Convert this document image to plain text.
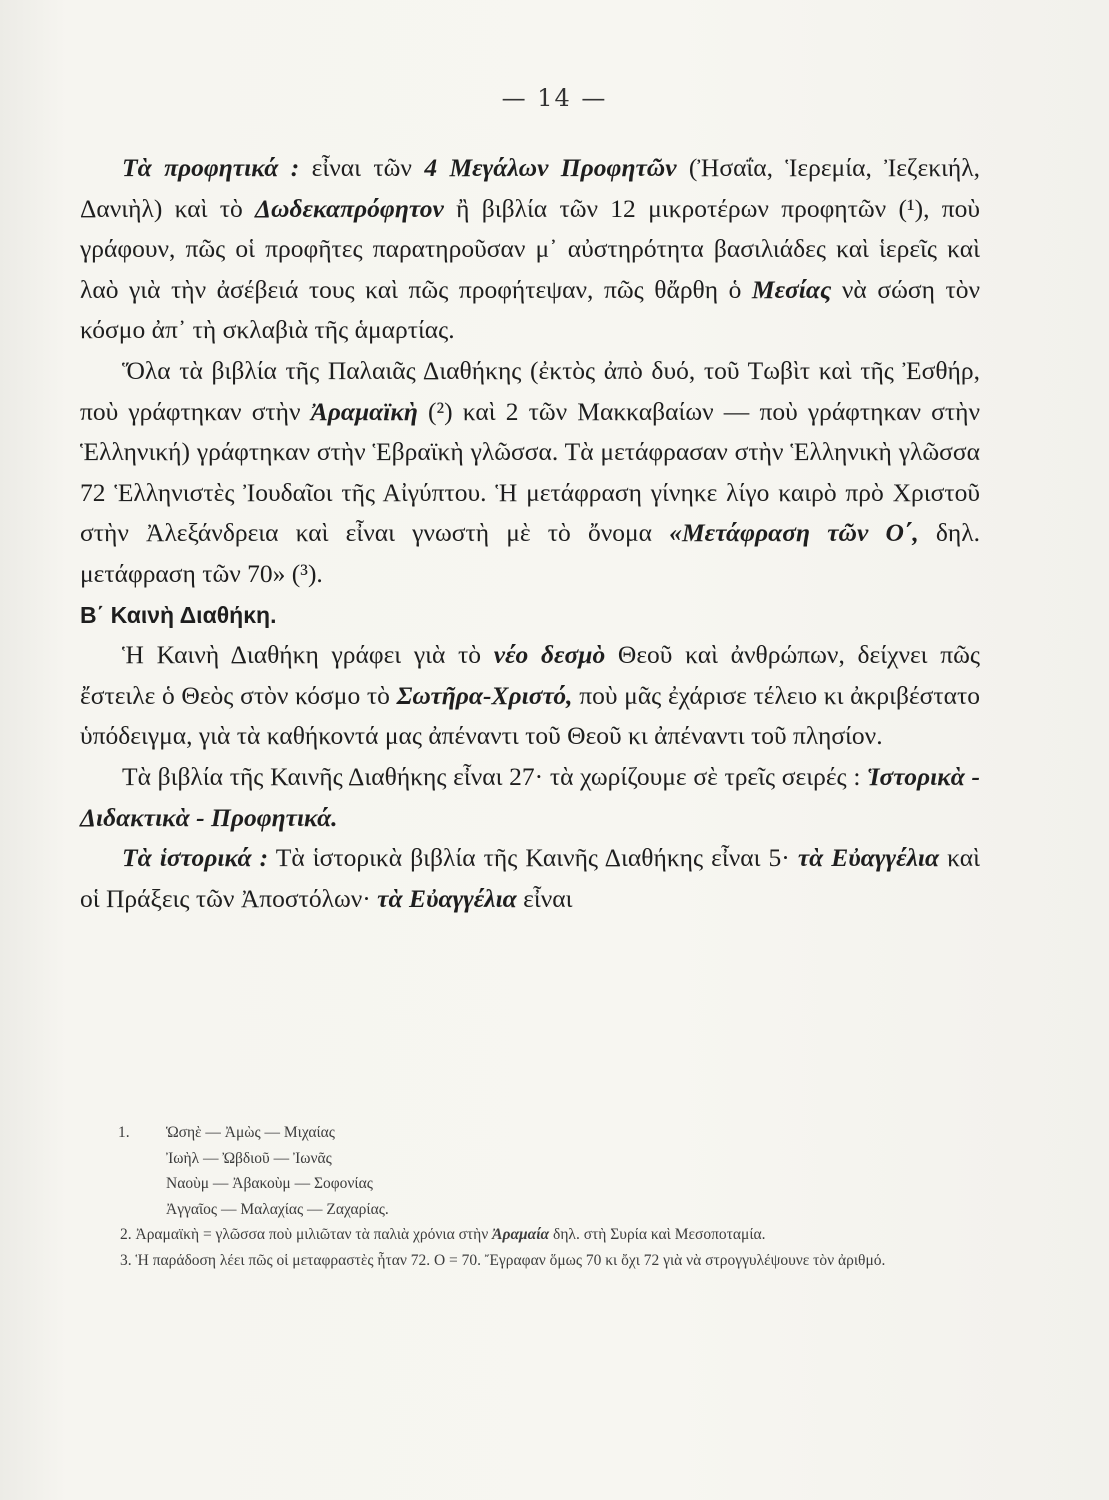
— 14 —

Τὰ προφητικά : εἶναι τῶν 4 Μεγάλων Προφητῶν (Ἠσαΐα, Ἱερεμία, Ἰεζεκιήλ, Δανιὴλ) καὶ τὸ Δωδεκαπρόφητον ἢ βιβλία τῶν 12 μικροτέρων προφητῶν (¹), ποὺ γράφουν, πῶς οἱ προφῆτες παρατηροῦσαν μ᾿ αὐστηρότητα βασιλιάδες καὶ ἱερεῖς καὶ λαὸ γιὰ τὴν ἀσέβειά τους καὶ πῶς προφήτεψαν, πῶς θἄρθη ὁ Μεσίας νὰ σώση τὸν κόσμο ἀπ᾿ τὴ σκλαβιὰ τῆς ἁμαρτίας.

Ὅλα τὰ βιβλία τῆς Παλαιᾶς Διαθήκης (ἐκτὸς ἀπὸ δυό, τοῦ Τωβὶτ καὶ τῆς Ἐσθήρ, ποὺ γράφτηκαν στὴν Ἀραμαϊκὴ (²) καὶ 2 τῶν Μακκαβαίων — ποὺ γράφτηκαν στὴν Ἑλληνική) γράφτηκαν στὴν Ἑβραϊκὴ γλῶσσα. Τὰ μετάφρασαν στὴν Ἑλληνικὴ γλῶσσα 72 Ἑλληνιστὲς Ἰουδαῖοι τῆς Αἰγύπτου. Ἡ μετάφραση γίνηκε λίγο καιρὸ πρὸ Χριστοῦ στὴν Ἀλεξάνδρεια καὶ εἶναι γνωστὴ μὲ τὸ ὄνομα «Μετάφραση τῶν Ο΄, δηλ. μετάφραση τῶν 70» (³).

Β΄ Καινὴ Διαθήκη.

Ἡ Καινὴ Διαθήκη γράφει γιὰ τὸ νέο δεσμὸ Θεοῦ καὶ ἀνθρώπων, δείχνει πῶς ἔστειλε ὁ Θεὸς στὸν κόσμο τὸ Σωτῆρα-Χριστό, ποὺ μᾶς ἐχάρισε τέλειο κι ἀκριβέστατο ὑπόδειγμα, γιὰ τὰ καθήκοντά μας ἀπέναντι τοῦ Θεοῦ κι ἀπέναντι τοῦ πλησίον.

Τὰ βιβλία τῆς Καινῆς Διαθήκης εἶναι 27· τὰ χωρίζουμε σὲ τρεῖς σειρές : Ἱστορικὰ - Διδακτικὰ - Προφητικά.

Τὰ ἱστορικά : Τὰ ἱστορικὰ βιβλία τῆς Καινῆς Διαθήκης εἶναι 5· τὰ Εὐαγγέλια καὶ οἱ Πράξεις τῶν Ἀποστόλων· τὰ Εὐαγγέλια εἶναι

1. Ὡσηὲ — Ἀμὼς — Μιχαίας
Ἰωὴλ — Ὠβδιοῦ — Ἰωνᾶς
Ναοὺμ — Ἀβακοὺμ — Σοφονίας
Ἀγγαῖος — Μαλαχίας — Ζαχαρίας.
2. Ἀραμαϊκὴ = γλῶσσα ποὺ μιλιῶταν τὰ παλιὰ χρόνια στὴν Ἀραμαία δηλ. στὴ Συρία καὶ Μεσοποταμία.
3. Ἡ παράδοση λέει πῶς οἱ μεταφραστὲς ἦταν 72. Ο = 70. Ἔγραφαν ὅμως 70 κι ὄχι 72 γιὰ νὰ στρογγυλέψουνε τὸν ἀριθμό.
